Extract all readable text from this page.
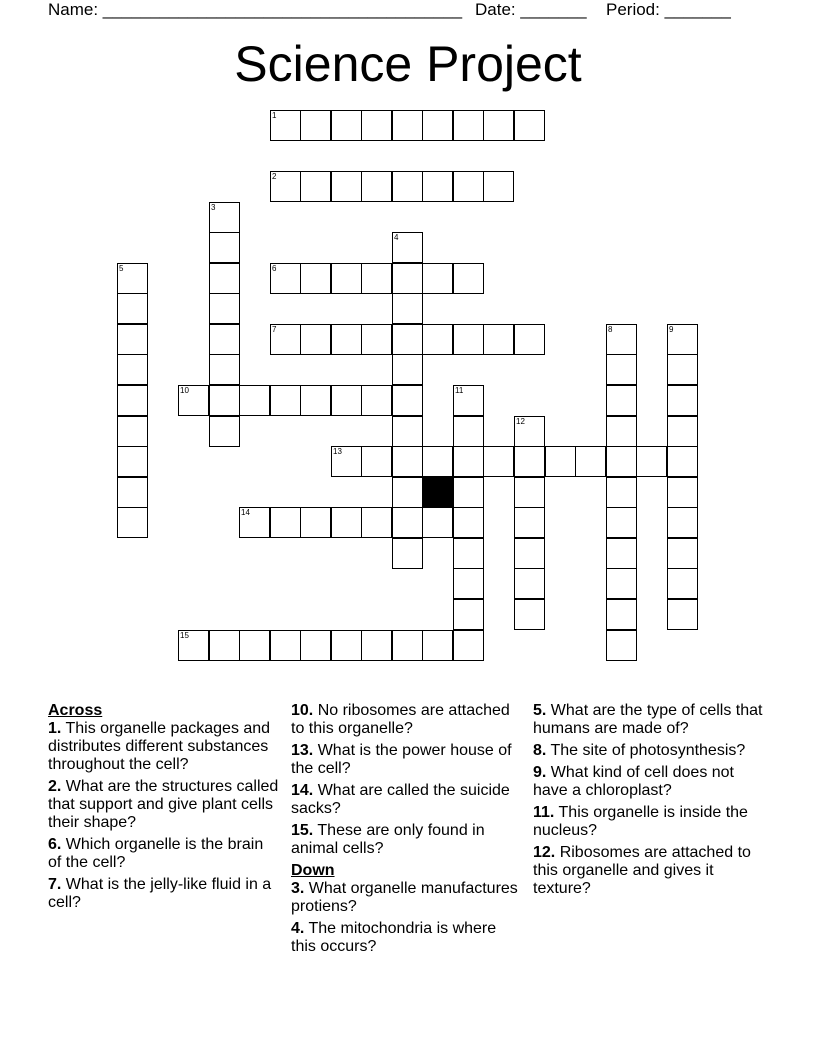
Name: ______________________________________ Date: _______ Period: _______
Science Project
1
2
3
4
5	6
7	8	9
10	11
12
13
14
15
Across
1. This organelle packages and distributes different substances throughout the cell?
2. What are the structures called that support and give plant cells their shape?
6. Which organelle is the brain of the cell?
7. What is the jelly-like fluid in a cell?
10. No ribosomes are attached to this organelle?
13. What is the power house of the cell?
14. What are called the suicide sacks?
15. These are only found in animal cells?
Down
3. What organelle manufactures protiens?
4. The mitochondria is where this occurs?
5. What are the type of cells that humans are made of?
8. The site of photosynthesis?
9. What kind of cell does not have a chloroplast?
11. This organelle is inside the nucleus?
12. Ribosomes are attached to this organelle and gives it texture?
